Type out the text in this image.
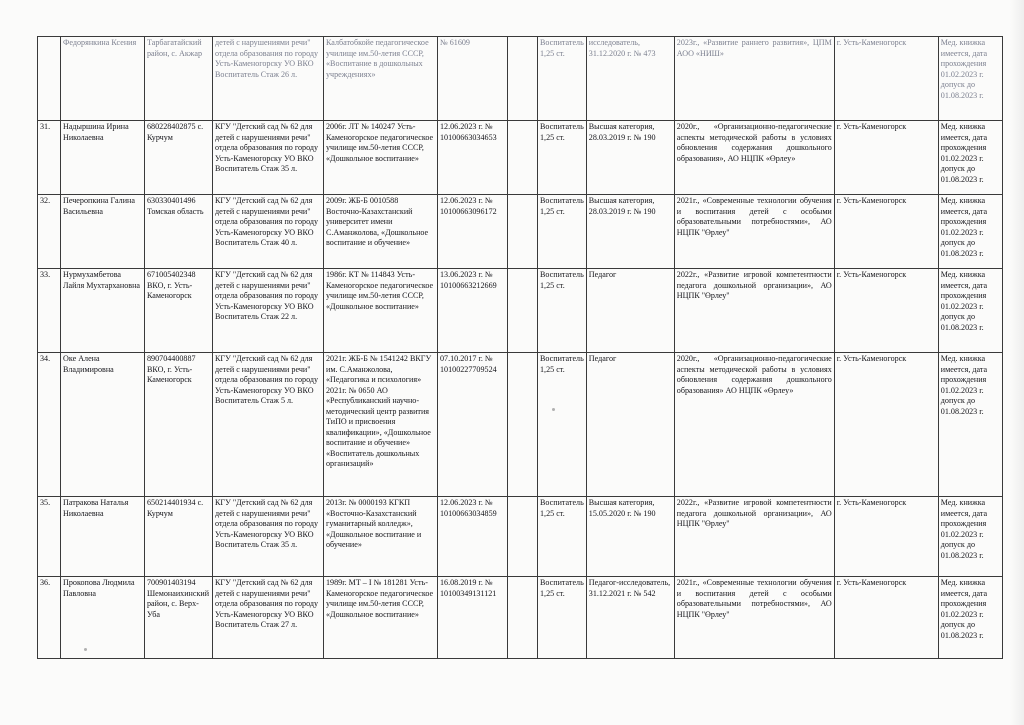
	Федорянкина Ксения	Тарбагатайский район, с. Акжар	детей с нарушениями речи" отдела образования по городу Усть-Каменогорску УО ВКО Воспитатель Стаж 26 л.	Калбатобкойе педагогическое училище им.50-летия СССР, «Воспитание в дошкольных учреждениях»	№ 61609		Воспитатель 1,25 ст.	исследователь, 31.12.2020 г. № 473	2023г., «Развитие раннего развития», ЦПМ АОО «НИШ»	г. Усть-Каменогорск	Мед. книжка имеется, дата прохождения 01.02.2023 г. допуск до 01.08.2023 г.
31.	Надыршина Ирина Николаевна	680228402875 с. Курчум	КГУ "Детский сад № 62 для детей с нарушениями речи" отдела образования по городу Усть-Каменогорску УО ВКО Воспитатель Стаж 35 л.	2006г. ЛТ № 140247 Усть-Каменогорское педагогическое училище им.50-летия СССР, «Дошкольное воспитание»	12.06.2023 г. № 10100663034653		Воспитатель 1,25 ст.	Высшая категория, 28.03.2019 г. № 190	2020г., «Организационно-педагогические аспекты методической работы в условиях обновления содержания дошкольного образования», АО НЦПК «Өрлеу»	г. Усть-Каменогорск	Мед. книжка имеется, дата прохождения 01.02.2023 г. допуск до 01.08.2023 г.
32.	Печеропкина Галина Васильевна	630330401496 Томская область	КГУ "Детский сад № 62 для детей с нарушениями речи" отдела образования по городу Усть-Каменогорску УО ВКО Воспитатель Стаж 40 л.	2009г. ЖБ-Б 0010588 Восточно-Казахстанский университет имени С.Аманжолова, «Дошкольное воспитание и обучение»	12.06.2023 г. № 10100663096172		Воспитатель 1,25 ст.	Высшая категория, 28.03.2019 г. № 190	2021г., «Современные технологии обучения и воспитания детей с особыми образовательными потребностями», АО НЦПК "Өрлеу"	г. Усть-Каменогорск	Мед. книжка имеется, дата прохождения 01.02.2023 г. допуск до 01.08.2023 г.
33.	Нурмухамбетова Лайля Мухтархановна	671005402348 ВКО, г. Усть-Каменогорск	КГУ "Детский сад № 62 для детей с нарушениями речи" отдела образования по городу Усть-Каменогорску УО ВКО Воспитатель Стаж 22 л.	1986г. КТ № 114843 Усть-Каменогорское педагогическое училище им.50-летия СССР, «Дошкольное воспитание»	13.06.2023 г. № 10100663212669		Воспитатель 1,25 ст.	Педагог	2022г., «Развитие игровой компетентности педагога дошкольной организации», АО НЦПК "Өрлеу"	г. Усть-Каменогорск	Мед. книжка имеется, дата прохождения 01.02.2023 г. допуск до 01.08.2023 г.
34.	Оке Алена Владимировна	890704400887 ВКО, г. Усть-Каменогорск	КГУ "Детский сад № 62 для детей с нарушениями речи" отдела образования по городу Усть-Каменогорску УО ВКО Воспитатель Стаж 5 л.	2021г. ЖБ-Б № 1541242 ВКГУ им. С.Аманжолова, «Педагогика и психология» 2021г. № 0650 АО «Республиканский научно-методический центр развития ТиПО и присвоения квалификации», «Дошкольное воспитание и обучение» «Воспитатель дошкольных организаций»	07.10.2017 г. № 10100227709524		Воспитатель 1,25 ст.	Педагог	2020г., «Организационно-педагогические аспекты методической работы в условиях обновления содержания дошкольного образования» АО НЦПК «Өрлеу»	г. Усть-Каменогорск	Мед. книжка имеется, дата прохождения 01.02.2023 г. допуск до 01.08.2023 г.
35.	Патракова Наталья Николаевна	650214401934 с. Курчум	КГУ "Детский сад № 62 для детей с нарушениями речи" отдела образования по городу Усть-Каменогорску УО ВКО Воспитатель Стаж 35 л.	2013г. № 0000193 КГКП «Восточно-Казахстанский гуманитарный колледж», «Дошкольное воспитание и обучение»	12.06.2023 г. № 10100663034859		Воспитатель 1,25 ст.	Высшая категория, 15.05.2020 г. № 190	2022г., «Развитие игровой компетентности педагога дошкольной организации», АО НЦПК "Өрлеу"	г. Усть-Каменогорск	Мед. книжка имеется, дата прохождения 01.02.2023 г. допуск до 01.08.2023 г.
36.	Прокопова Людмила Павловна	700901403194 Шемонаихинский район, с. Верх-Уба	КГУ "Детский сад № 62 для детей с нарушениями речи" отдела образования по городу Усть-Каменогорску УО ВКО Воспитатель Стаж 27 л.	1989г. МТ – I № 181281 Усть-Каменогорское педагогическое училище им.50-летия СССР, «Дошкольное воспитание»	16.08.2019 г. № 10100349131121		Воспитатель 1,25 ст.	Педагог-исследователь, 31.12.2021 г. № 542	2021г., «Современные технологии обучения и воспитания детей с особыми образовательными потребностями», АО НЦПК "Өрлеу"	г. Усть-Каменогорск	Мед. книжка имеется, дата прохождения 01.02.2023 г. допуск до 01.08.2023 г.
